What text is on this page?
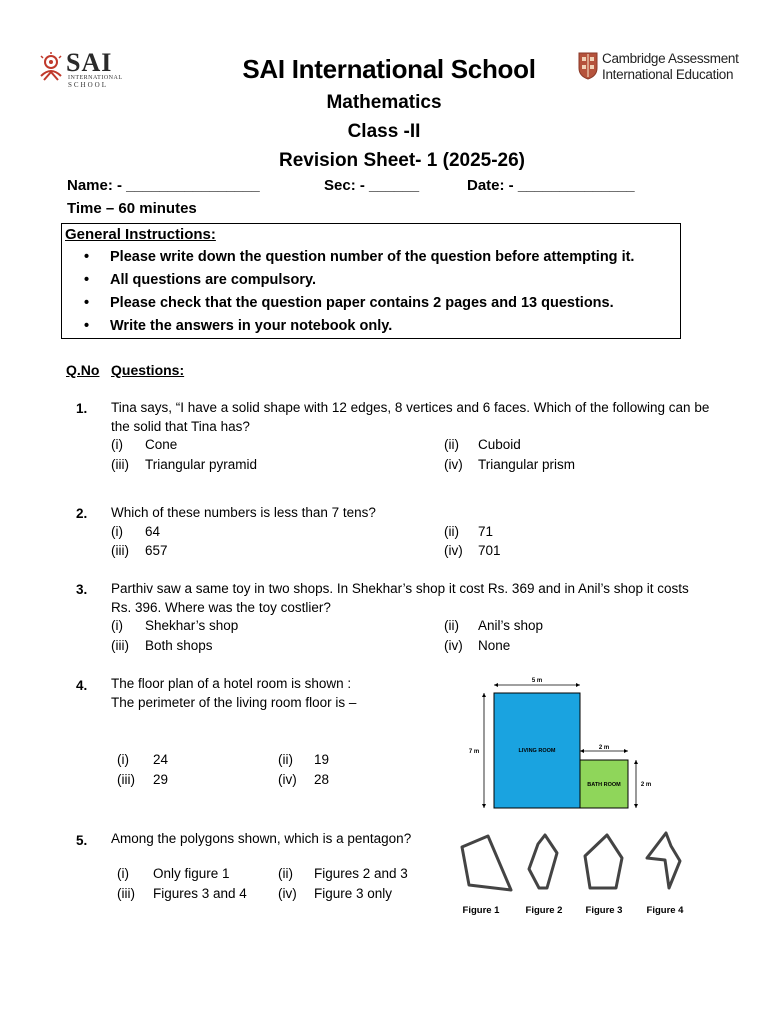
SAI
INTERNATIONAL
SCHOOL
Cambridge Assessment
International Education
SAI International School
Mathematics
Class -II
Revision Sheet- 1 (2025-26)
Name: - ________________	Sec: - ______	Date: - ______________
Time – 60 minutes
General Instructions:
• Please write down the question number of the question before attempting it.
• All questions are compulsory.
• Please check that the question paper contains 2 pages and 13 questions.
• Write the answers in your notebook only.
Q.No Questions:
1. Tina says, “I have a solid shape with 12 edges, 8 vertices and 6 faces. Which of the following can be the solid that Tina has?
(i) Cone	(ii) Cuboid
(iii) Triangular pyramid	(iv) Triangular prism
2. Which of these numbers is less than 7 tens?
(i) 64	(ii) 71
(iii) 657	(iv) 701
3. Parthiv saw a same toy in two shops. In Shekhar’s shop it cost Rs. 369 and in Anil’s shop it costs Rs. 396. Where was the toy costlier?
(i) Shekhar’s shop	(ii) Anil’s shop
(iii) Both shops	(iv) None
4. The floor plan of a hotel room is shown :
The perimeter of the living room floor is –
(i) 24	(ii) 19
(iii) 29	(iv) 28
5 m
7 m	LIVING ROOM	2 m
BATH ROOM	2 m
5. Among the polygons shown, which is a pentagon?
(i) Only figure 1	(ii) Figures 2 and 3
(iii) Figures 3 and 4 (iv) Figure 3 only
Figure 1	Figure 2 Figure 3	Figure 4
